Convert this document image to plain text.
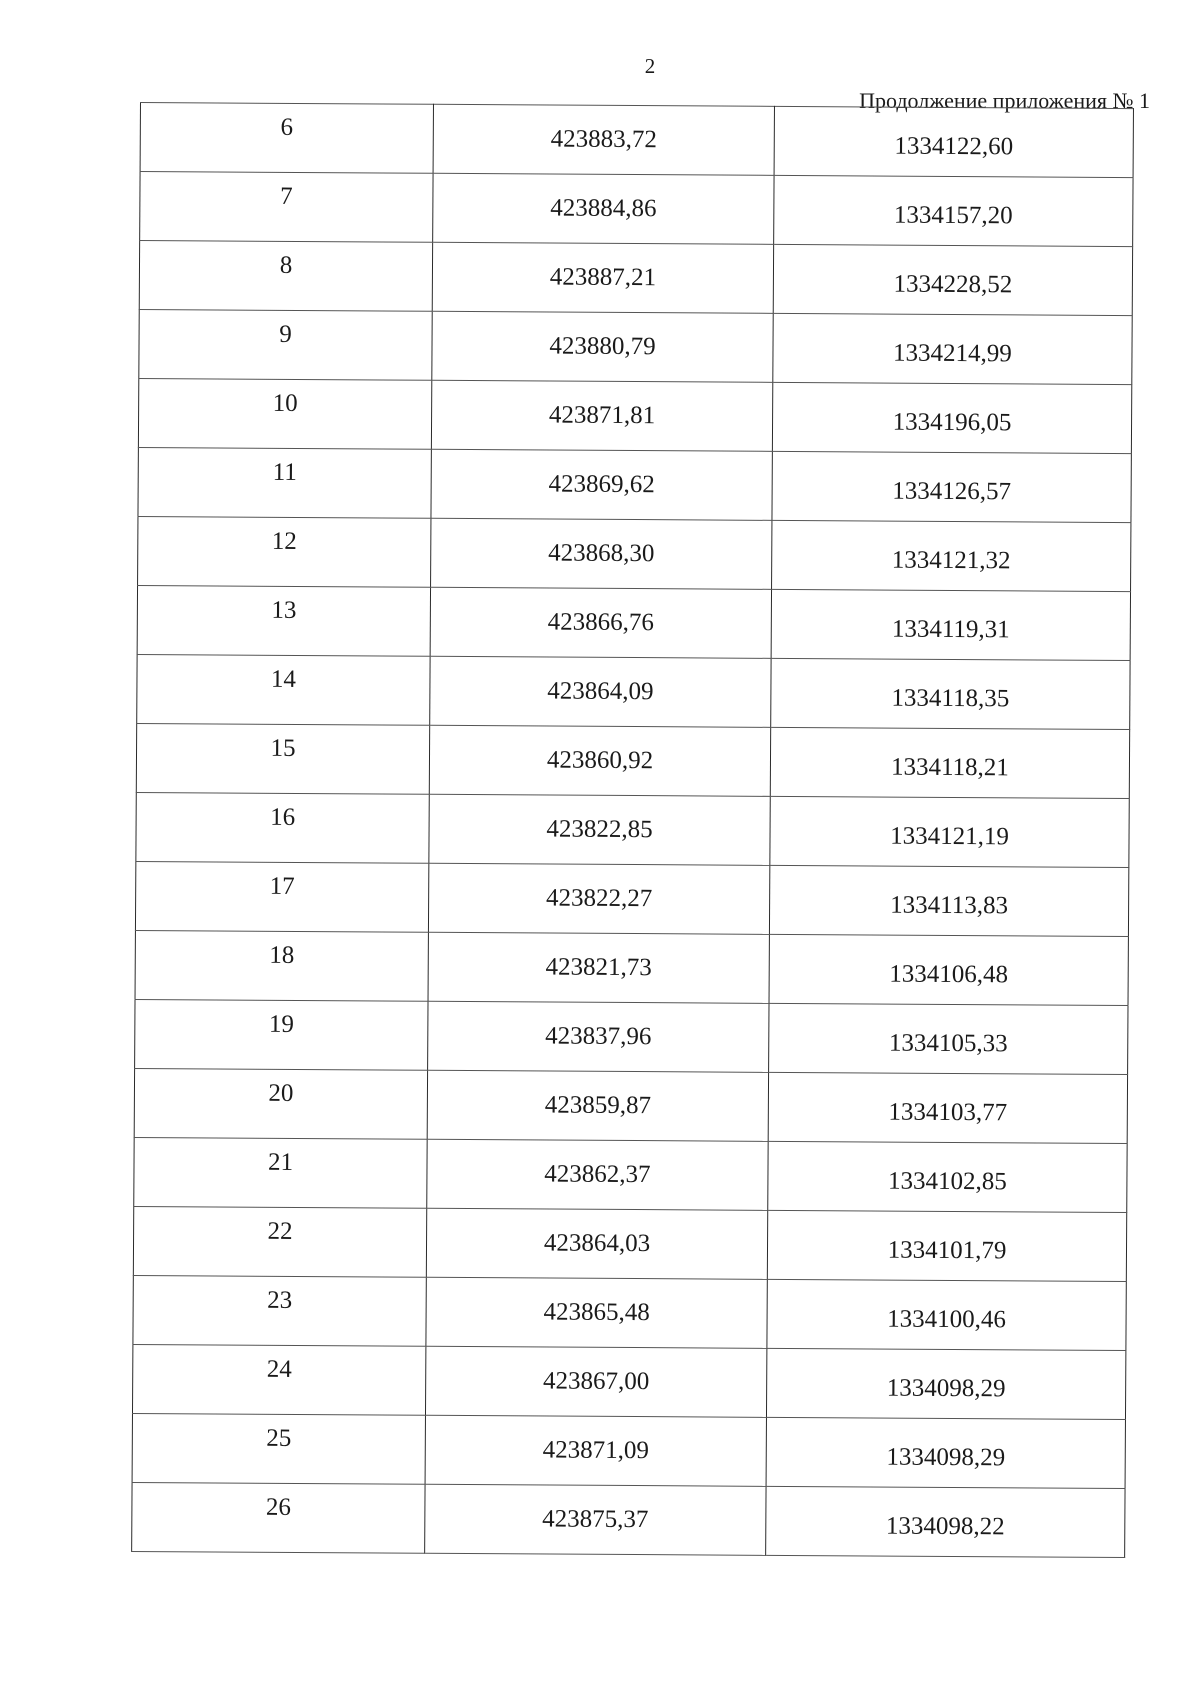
2
Продолжение приложения № 1
6	423883,72	1334122,60
7	423884,86	1334157,20
8	423887,21	1334228,52
9	423880,79	1334214,99
10	423871,81	1334196,05
11	423869,62	1334126,57
12	423868,30	1334121,32
13	423866,76	1334119,31
14	423864,09	1334118,35
15	423860,92	1334118,21
16	423822,85	1334121,19
17	423822,27	1334113,83
18	423821,73	1334106,48
19	423837,96	1334105,33
20	423859,87	1334103,77
21	423862,37	1334102,85
22	423864,03	1334101,79
23	423865,48	1334100,46
24	423867,00	1334098,29
25	423871,09	1334098,29
26	423875,37	1334098,22
